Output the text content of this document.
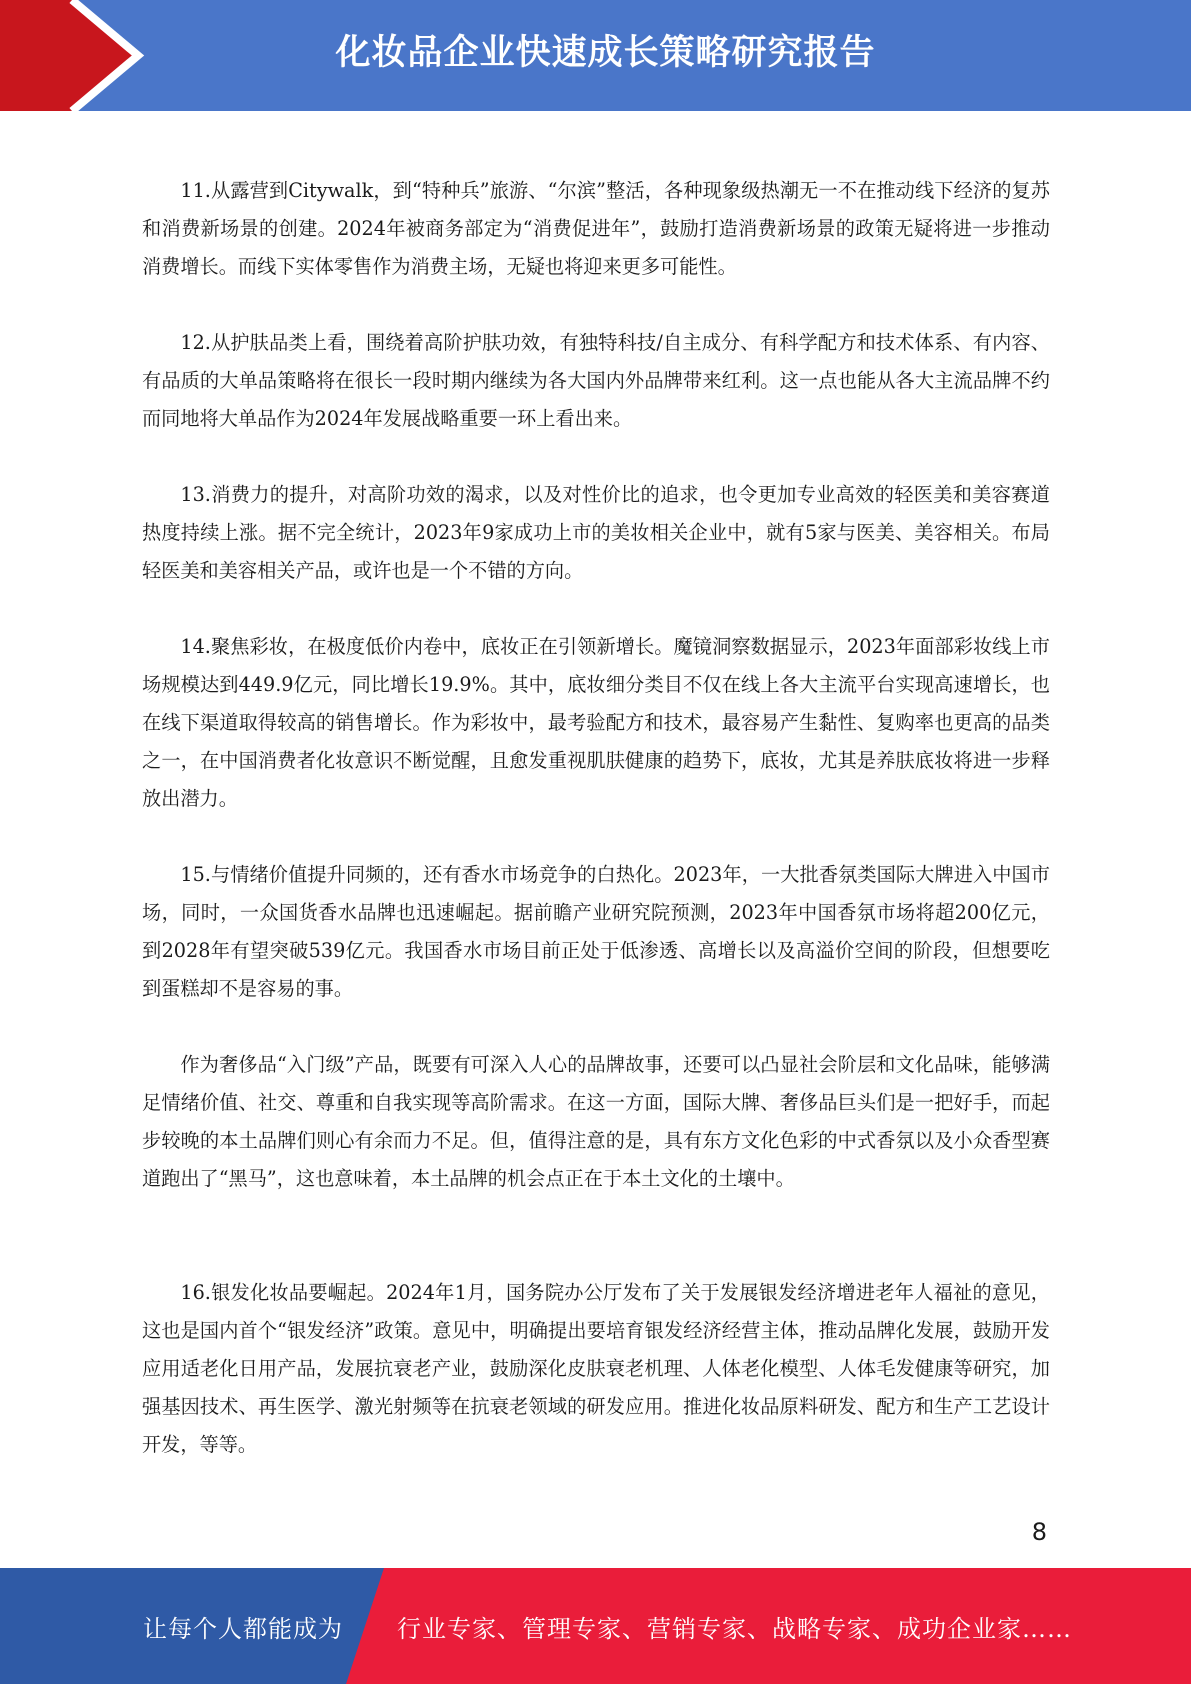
化妆品企业快速成长策略研究报告

11.从露营到Citywalk，到“特种兵”旅游、“尔滨”整活，各种现象级热潮无一不在推动线下经济的复苏和消费新场景的创建。2024年被商务部定为“消费促进年”，鼓励打造消费新场景的政策无疑将进一步推动消费增长。而线下实体零售作为消费主场，无疑也将迎来更多可能性。

12.从护肤品类上看，围绕着高阶护肤功效，有独特科技/自主成分、有科学配方和技术体系、有内容、有品质的大单品策略将在很长一段时期内继续为各大国内外品牌带来红利。这一点也能从各大主流品牌不约而同地将大单品作为2024年发展战略重要一环上看出来。

13.消费力的提升，对高阶功效的渴求，以及对性价比的追求，也令更加专业高效的轻医美和美容赛道热度持续上涨。据不完全统计，2023年9家成功上市的美妆相关企业中，就有5家与医美、美容相关。布局轻医美和美容相关产品，或许也是一个不错的方向。

14.聚焦彩妆，在极度低价内卷中，底妆正在引领新增长。魔镜洞察数据显示，2023年面部彩妆线上市场规模达到449.9亿元，同比增长19.9%。其中，底妆细分类目不仅在线上各大主流平台实现高速增长，也在线下渠道取得较高的销售增长。作为彩妆中，最考验配方和技术，最容易产生黏性、复购率也更高的品类之一，在中国消费者化妆意识不断觉醒，且愈发重视肌肤健康的趋势下，底妆，尤其是养肤底妆将进一步释放出潜力。

15.与情绪价值提升同频的，还有香水市场竞争的白热化。2023年，一大批香氛类国际大牌进入中国市场，同时，一众国货香水品牌也迅速崛起。据前瞻产业研究院预测，2023年中国香氛市场将超200亿元，到2028年有望突破539亿元。我国香水市场目前正处于低渗透、高增长以及高溢价空间的阶段，但想要吃到蛋糕却不是容易的事。

作为奢侈品“入门级”产品，既要有可深入人心的品牌故事，还要可以凸显社会阶层和文化品味，能够满足情绪价值、社交、尊重和自我实现等高阶需求。在这一方面，国际大牌、奢侈品巨头们是一把好手，而起步较晚的本土品牌们则心有余而力不足。但，值得注意的是，具有东方文化色彩的中式香氛以及小众香型赛道跑出了“黑马”，这也意味着，本土品牌的机会点正在于本土文化的土壤中。

16.银发化妆品要崛起。2024年1月，国务院办公厅发布了关于发展银发经济增进老年人福祉的意见，这也是国内首个“银发经济”政策。意见中，明确提出要培育银发经济经营主体，推动品牌化发展，鼓励开发应用适老化日用产品，发展抗衰老产业，鼓励深化皮肤衰老机理、人体老化模型、人体毛发健康等研究，加强基因技术、再生医学、激光射频等在抗衰老领域的研发应用。推进化妆品原料研发、配方和生产工艺设计开发，等等。

8
让每个人都能成为 行业专家、管理专家、营销专家、战略专家、成功企业家……
